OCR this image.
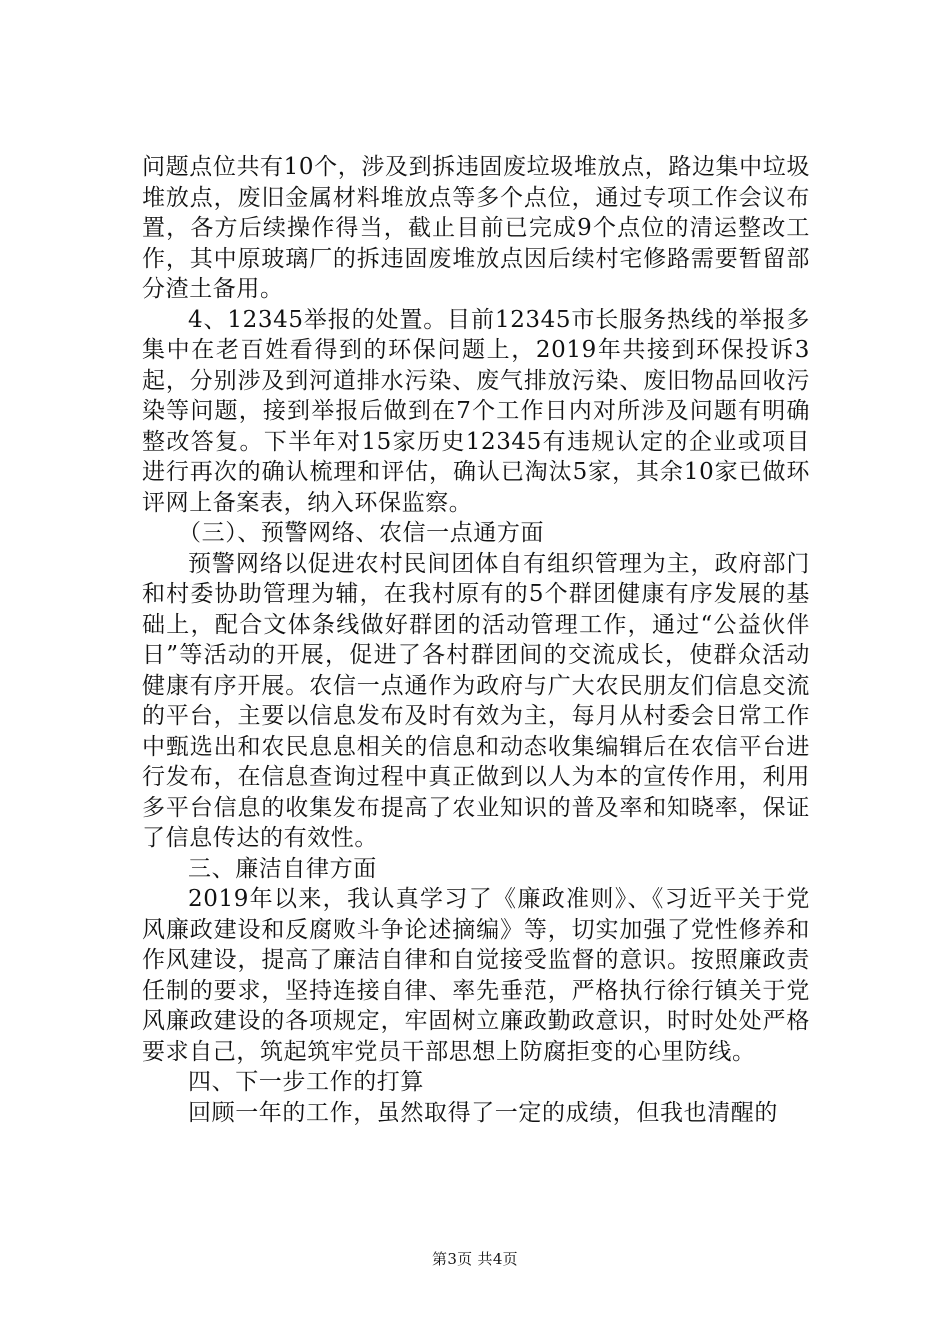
问题点位共有10个，涉及到拆违固废垃圾堆放点，路边集中垃圾堆放点，废旧金属材料堆放点等多个点位，通过专项工作会议布置，各方后续操作得当，截止目前已完成9个点位的清运整改工作，其中原玻璃厂的拆违固废堆放点因后续村宅修路需要暂留部分渣土备用。

4、12345举报的处置。目前12345市长服务热线的举报多集中在老百姓看得到的环保问题上，2019年共接到环保投诉3起，分别涉及到河道排水污染、废气排放污染、废旧物品回收污染等问题，接到举报后做到在7个工作日内对所涉及问题有明确整改答复。下半年对15家历史12345有违规认定的企业或项目进行再次的确认梳理和评估，确认已淘汰5家，其余10家已做环评网上备案表，纳入环保监察。

（三）、预警网络、农信一点通方面

预警网络以促进农村民间团体自有组织管理为主，政府部门和村委协助管理为辅，在我村原有的5个群团健康有序发展的基础上，配合文体条线做好群团的活动管理工作，通过“公益伙伴日”等活动的开展，促进了各村群团间的交流成长，使群众活动健康有序开展。农信一点通作为政府与广大农民朋友们信息交流的平台，主要以信息发布及时有效为主，每月从村委会日常工作中甄选出和农民息息相关的信息和动态收集编辑后在农信平台进行发布，在信息查询过程中真正做到以人为本的宣传作用，利用多平台信息的收集发布提高了农业知识的普及率和知晓率，保证了信息传达的有效性。

三、廉洁自律方面

2019年以来，我认真学习了《廉政准则》、《习近平关于党风廉政建设和反腐败斗争论述摘编》等，切实加强了党性修养和作风建设，提高了廉洁自律和自觉接受监督的意识。按照廉政责任制的要求，坚持连接自律、率先垂范，严格执行徐行镇关于党风廉政建设的各项规定，牢固树立廉政勤政意识，时时处处严格要求自己，筑起筑牢党员干部思想上防腐拒变的心里防线。

四、下一步工作的打算

回顾一年的工作，虽然取得了一定的成绩，但我也清醒的

第3页 共4页
